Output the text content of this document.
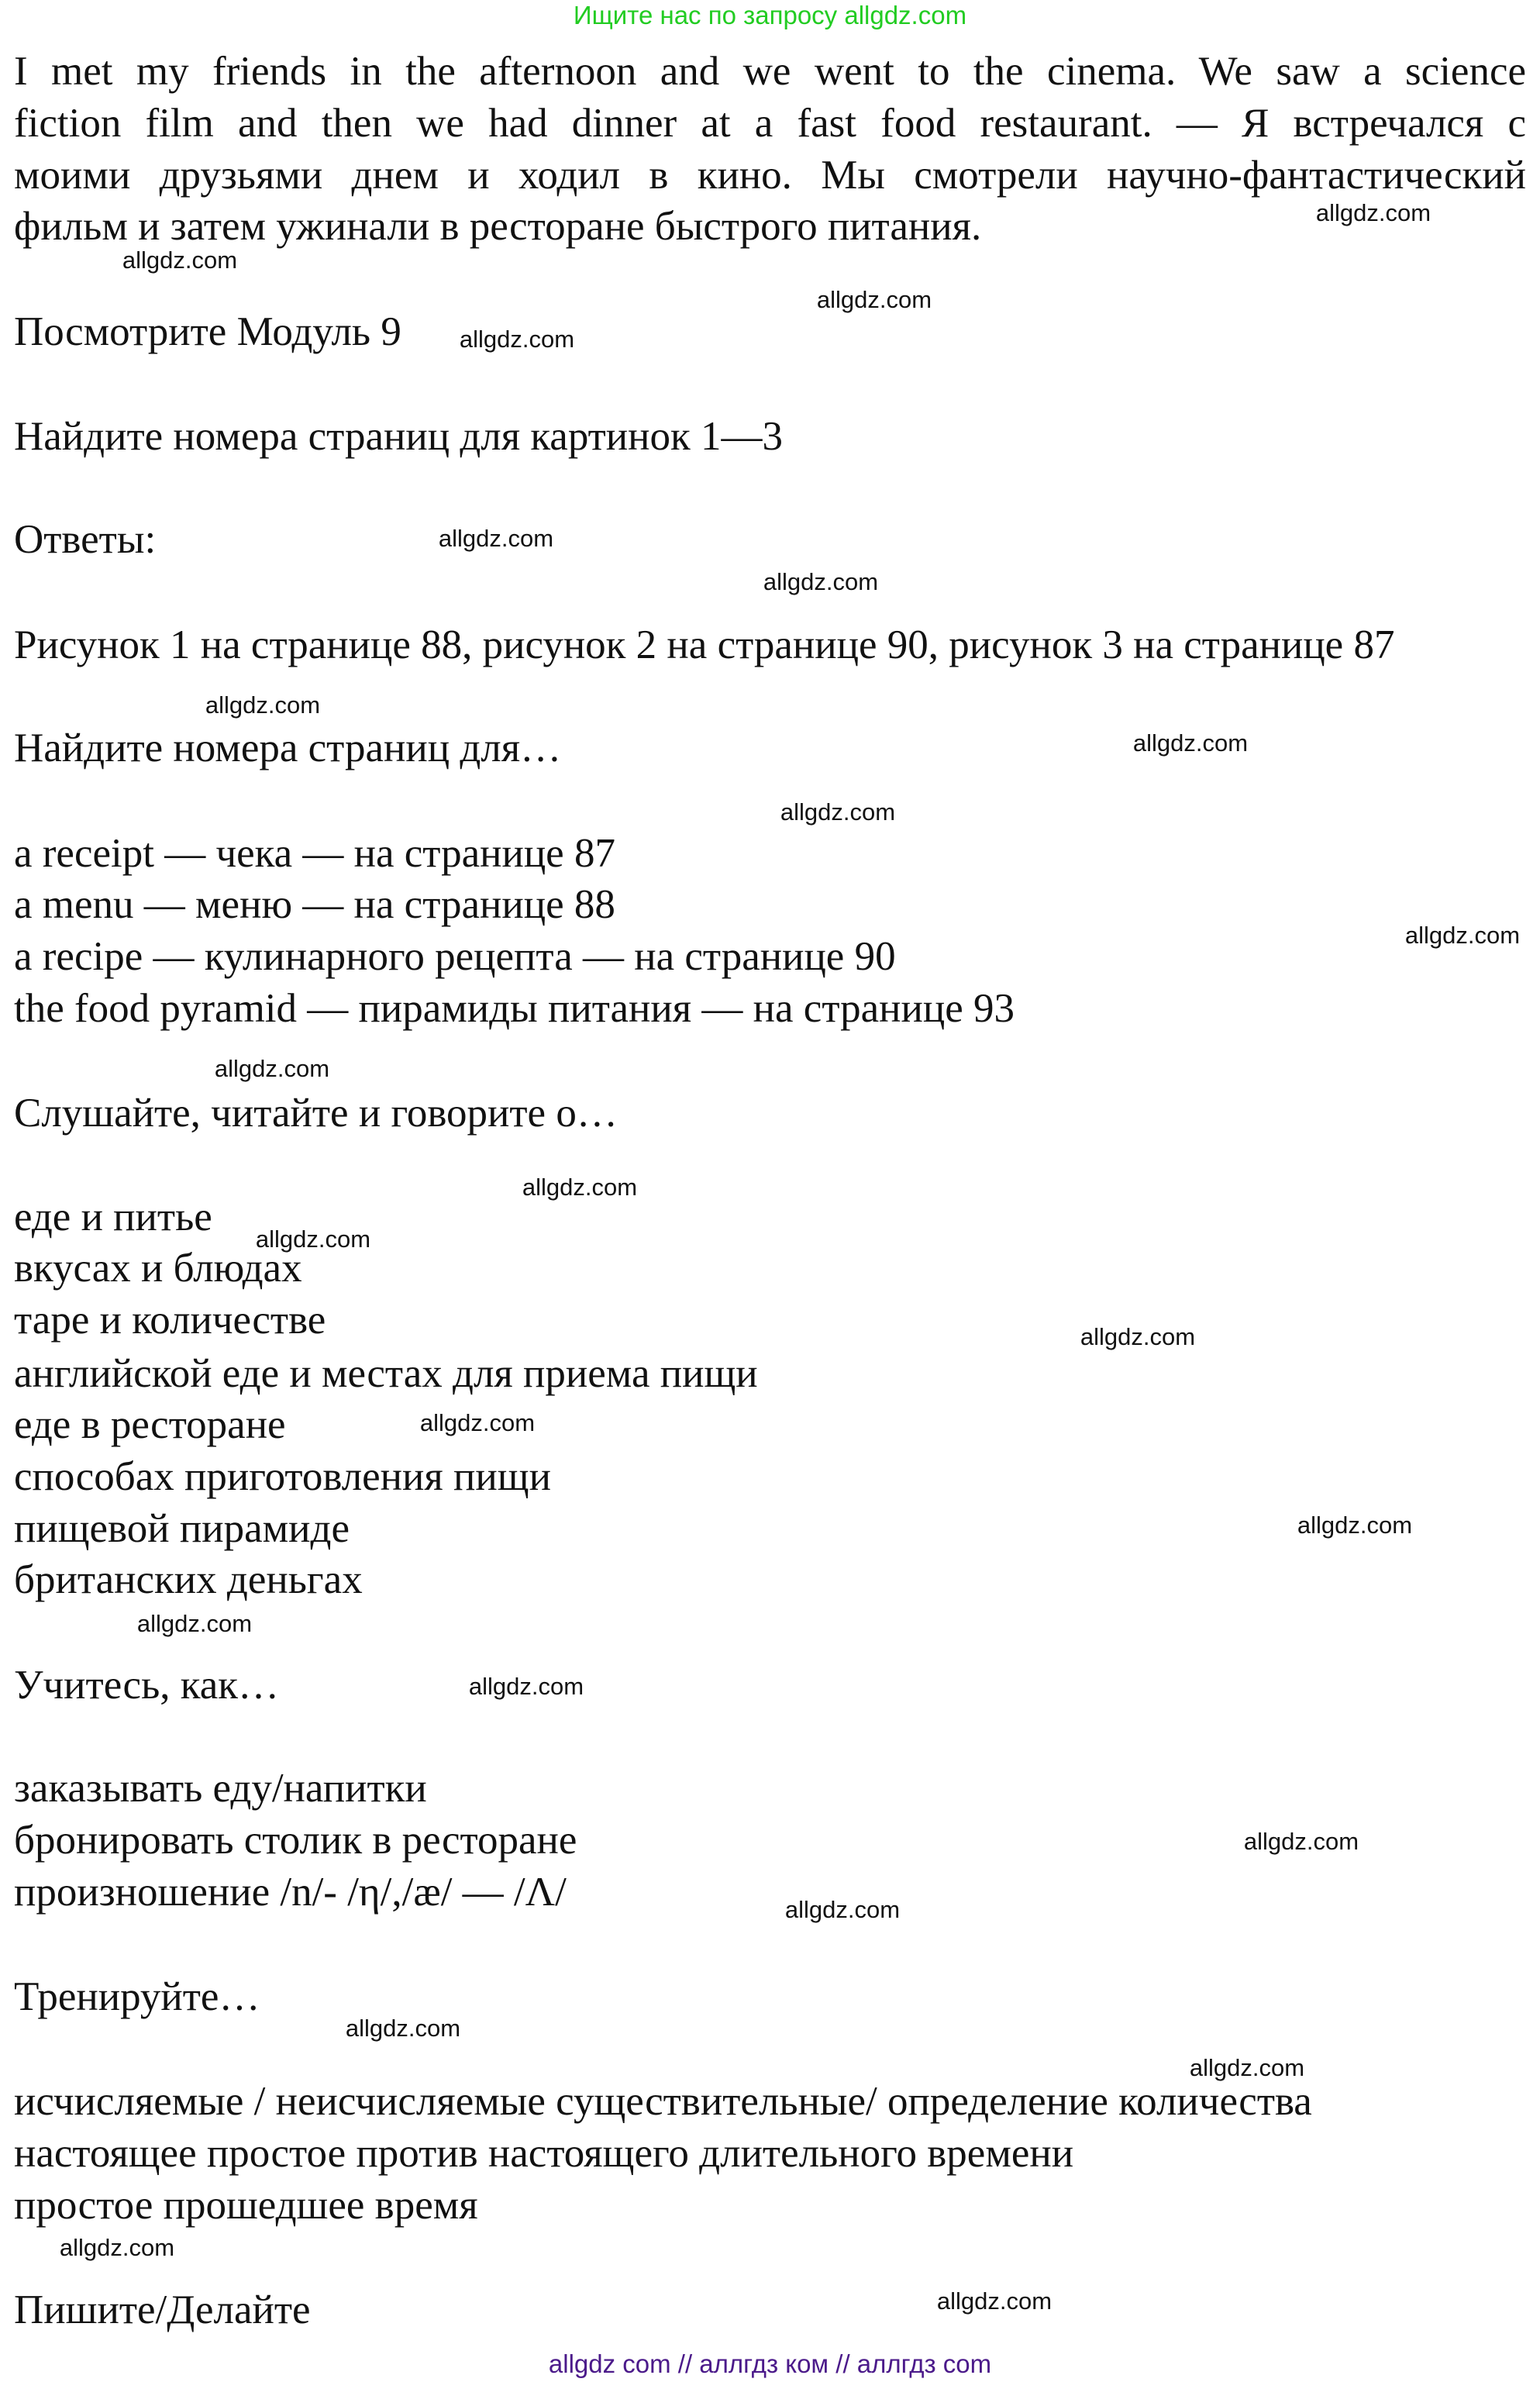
Ищите нас по запросу allgdz.com
I met my friends in the afternoon and we went to the cinema. We saw a science
fiction film and then we had dinner at a fast food restaurant. — Я встречался с
моими друзьями днем и ходил в кино. Мы смотрели научно-фантастический
фильм и затем ужинали в ресторане быстрого питания.
Посмотрите Модуль 9
Найдите номера страниц для картинок 1—3
Ответы:
Рисунок 1 на странице 88, рисунок 2 на странице 90, рисунок 3 на странице 87
Найдите номера страниц для…
a receipt — чека — на странице 87
a menu — меню — на странице 88
a recipe — кулинарного рецепта — на странице 90
the food pyramid — пирамиды питания — на странице 93
Слушайте, читайте и говорите о…
еде и питье
вкусах и блюдах
таре и количестве
английской еде и местах для приема пищи
еде в ресторане
способах приготовления пищи
пищевой пирамиде
британских деньгах
Учитесь, как…
заказывать еду/напитки
бронировать столик в ресторане
произношение /n/- /η/,/æ/ — /Λ/
Тренируйте…
исчисляемые / неисчисляемые существительные/ определение количества
настоящее простое против настоящего длительного времени
простое прошедшее время
Пишите/Делайте
allgdz.com
allgdz.com
allgdz.com
allgdz.com
allgdz.com
allgdz.com
allgdz.com
allgdz.com
allgdz.com
allgdz.com
allgdz.com
allgdz.com
allgdz.com
allgdz.com
allgdz.com
allgdz.com
allgdz.com
allgdz.com
allgdz.com
allgdz.com
allgdz.com
allgdz.com
allgdz.com
allgdz.com
allgdz com // аллгдз ком // аллгдз com
